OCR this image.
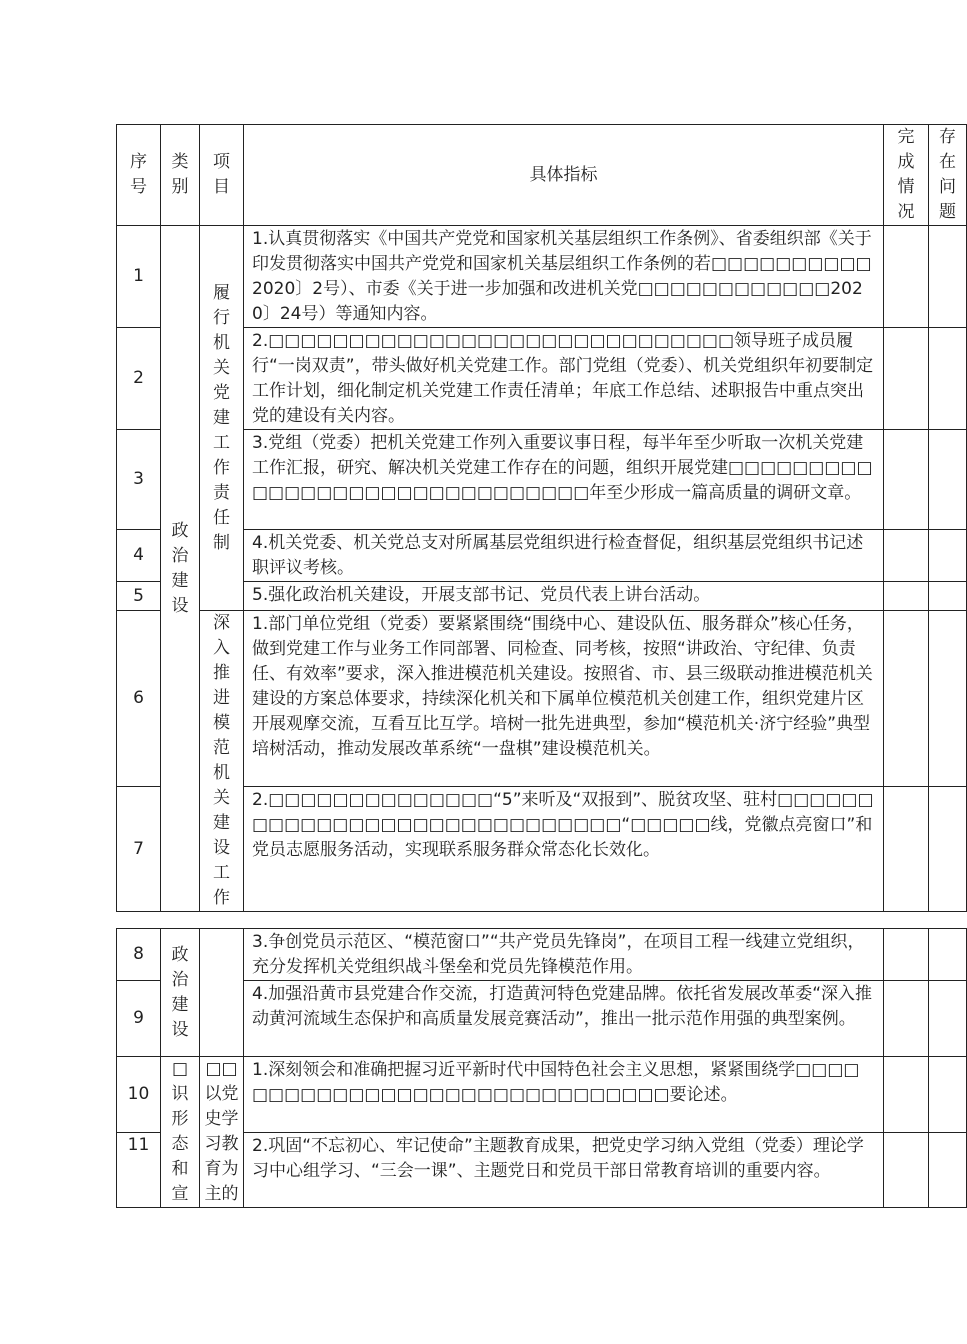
序号	类别	项目	具体指标	完成情况	存在问题

1	政治建设	履行机关党建工作责任制	1.认真贯彻落实《中国共产党党和国家机关基层组织工作条例》、省委组织部《关于印发贯彻落实中国共产党党和国家机关基层组织工作条例的若□□□□□□□□□□2020〕2号）、市委《关于进一步加强和改进机关党□□□□□□□□□□□□2020〕24号）等通知内容。		
2			2.□□□□□□□□□□□□□□□□□□□□□□□□□□□□□领导班子成员履行“一岗双责”，带头做好机关党建工作。部门党组（党委）、机关党组织年初要制定工作计划，细化制定机关党建工作责任清单；年底工作总结、述职报告中重点突出党的建设有关内容。		
3			3.党组（党委）把机关党建工作列入重要议事日程，每半年至少听取一次机关党建工作汇报，研究、解决机关党建工作存在的问题，组织开展党建□□□□□□□□□□□□□□□□□□□□□□□□□□□□□□年至少形成一篇高质量的调研文章。		
4			4.机关党委、机关党总支对所属基层党组织进行检查督促，组织基层党组织书记述职评议考核。		
5			5.强化政治机关建设，开展支部书记、党员代表上讲台活动。		
6		深入推进模范机关建设工作	1.部门单位党组（党委）要紧紧围绕“围绕中心、建设队伍、服务群众”核心任务，做到党建工作与业务工作同部署、同检查、同考核，按照“讲政治、守纪律、负责任、有效率”要求，深入推进模范机关建设。按照省、市、县三级联动推进模范机关建设的方案总体要求，持续深化机关和下属单位模范机关创建工作，组织党建片区开展观摩交流，互看互比互学。培树一批先进典型，参加“模范机关·济宁经验”典型培树活动，推动发展改革系统“一盘棋”建设模范机关。		
7			2.□□□□□□□□□□□□□□“5”来听及“双报到”、脱贫攻坚、驻村□□□□□□□□□□□□□□□□□□□□□□□□□□□□□“□□□□□线，党徽点亮窗口”和党员志愿服务活动，实现联系服务群众常态化长效化。		
8	政治建设		3.争创党员示范区、“模范窗口”“共产党员先锋岗”，在项目工程一线建立党组织，充分发挥机关党组织战斗堡垒和党员先锋模范作用。		
9			4.加强沿黄市县党建合作交流，打造黄河特色党建品牌。依托省发展改革委“深入推动黄河流域生态保护和高质量发展竞赛活动”，推出一批示范作用强的典型案例。		
10	□识形态和宣	□□以党史学习教育为主的	1.深刻领会和准确把握习近平新时代中国特色社会主义思想，紧紧围绕学□□□□□□□□□□□□□□□□□□□□□□□□□□□□□□要论述。		
11			2.巩固“不忘初心、牢记使命”主题教育成果，把党史学习纳入党组（党委）理论学习中心组学习、“三会一课”、主题党日和党员干部日常教育培训的重要内容。		
